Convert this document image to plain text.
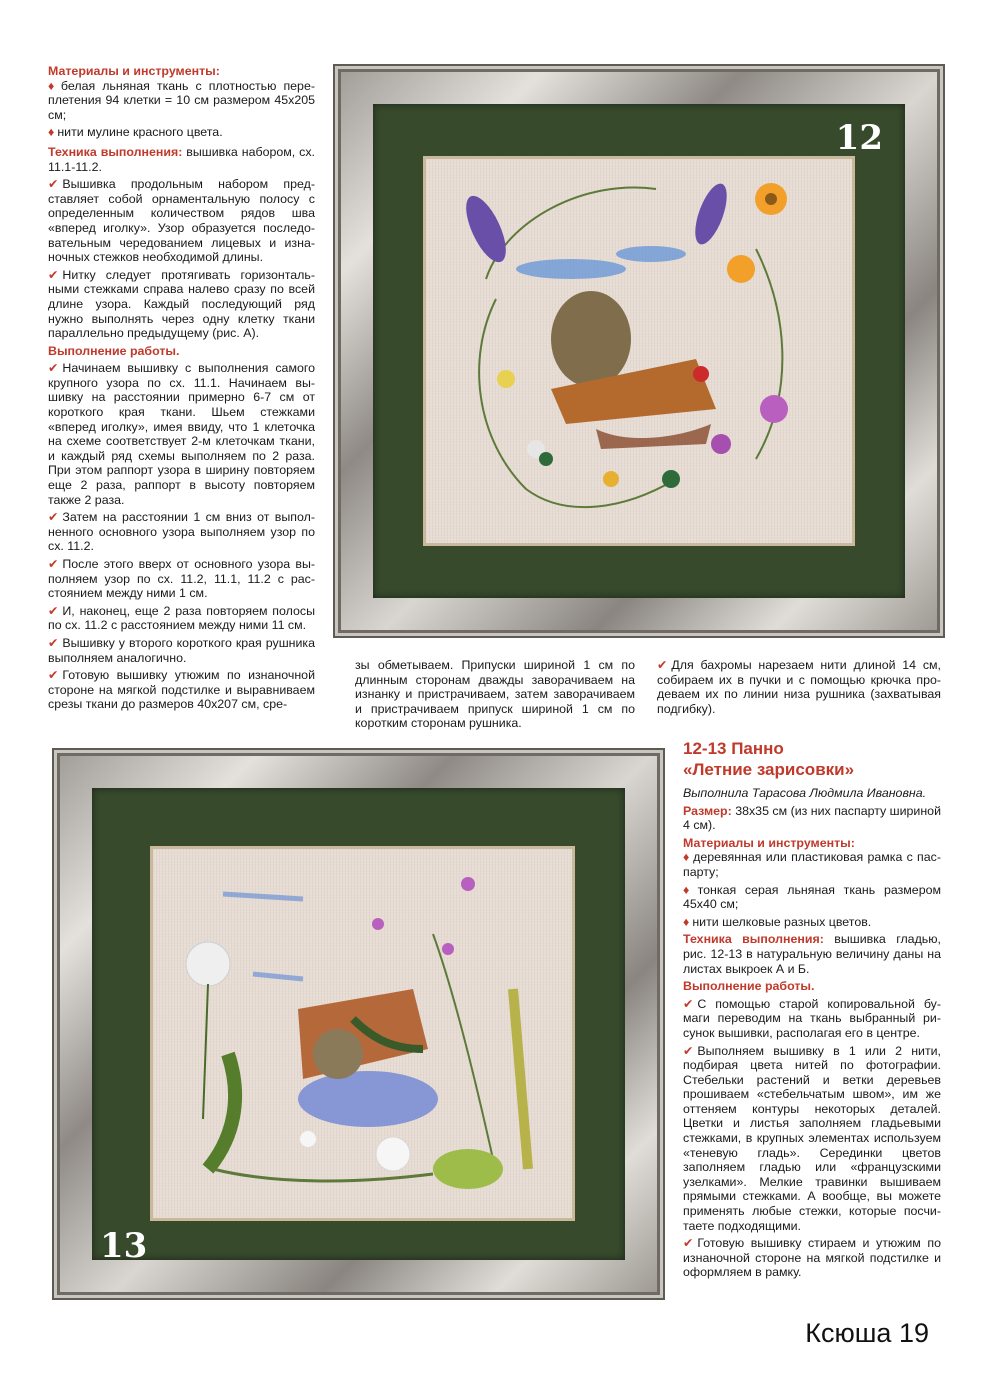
Материалы и инструменты:

♦ белая льняная ткань с плотностью переплетения 94 клетки = 10 см размером 45х205 см;

♦ нити мулине красного цвета.

Техника выполнения: вышивка набором, сх. 11.1-11.2.

✔ Вышивка продольным набором представляет собой орнаментальную полосу с определенным количеством рядов шва «вперед иголку». Узор образуется последовательным чередованием лицевых и изнаночных стежков необходимой длины.

✔ Нитку следует протягивать горизонтальными стежками справа налево сразу по всей длине узора. Каждый последующий ряд нужно выполнять через одну клетку ткани параллельно предыдущему (рис. А).

Выполнение работы.

✔ Начинаем вышивку с выполнения самого крупного узора по сх. 11.1. Начинаем вышивку на расстоянии примерно 6-7 см от короткого края ткани. Шьем стежками «вперед иголку», имея ввиду, что 1 клеточка на схеме соответствует 2-м клеточкам ткани, и каждый ряд схемы выполняем по 2 раза. При этом раппорт узора в ширину повторяем еще 2 раза, раппорт в высоту повторяем также 2 раза.

✔ Затем на расстоянии 1 см вниз от выполненного основного узора выполняем узор по сх. 11.2.

✔ После этого вверх от основного узора выполняем узор по сх. 11.2, 11.1, 11.2 с расстоянием между ними 1 см.

✔ И, наконец, еще 2 раза повторяем полосы по сх. 11.2 с расстоянием между ними 11 см.

✔ Вышивку у второго короткого края рушника выполняем аналогично.

✔ Готовую вышивку утюжим по изнаночной стороне на мягкой подстилке и выравниваем срезы ткани до размеров 40х207 см, сре-

12

зы обметываем. Припуски шириной 1 см по длинным сторонам дважды заворачиваем на изнанку и пристрачиваем, затем заворачиваем и пристрачиваем припуск шириной 1 см по коротким сторонам рушника.

✔ Для бахромы нарезаем нити длиной 14 см, собираем их в пучки и с помощью крючка продеваем их по линии низа рушника (захватывая подгибку).

13
12-13 Панно
«Летние зарисовки»

Выполнила Тарасова Людмила Ивановна.

Размер: 38х35 см (из них паспарту шириной 4 см).

Материалы и инструменты:

♦ деревянная или пластиковая рамка с паспарту;

♦ тонкая серая льняная ткань размером 45х40 см;

♦ нити шелковые разных цветов.

Техника выполнения: вышивка гладью, рис. 12-13 в натуральную величину даны на листах выкроек А и Б.

Выполнение работы.

✔ С помощью старой копировальной бумаги переводим на ткань выбранный рисунок вышивки, располагая его в центре.

✔ Выполняем вышивку в 1 или 2 нити, подбирая цвета нитей по фотографии. Стебельки растений и ветки деревьев прошиваем «стебельчатым швом», им же оттеняем контуры некоторых деталей. Цветки и листья заполняем гладьевыми стежками, в крупных элементах используем «теневую гладь». Серединки цветов заполняем гладью или «французскими узелками». Мелкие травинки вышиваем прямыми стежками. А вообще, вы можете применять любые стежки, которые посчитаете подходящими.

✔ Готовую вышивку стираем и утюжим по изнаночной стороне на мягкой подстилке и оформляем в рамку.

Ксюша 19
